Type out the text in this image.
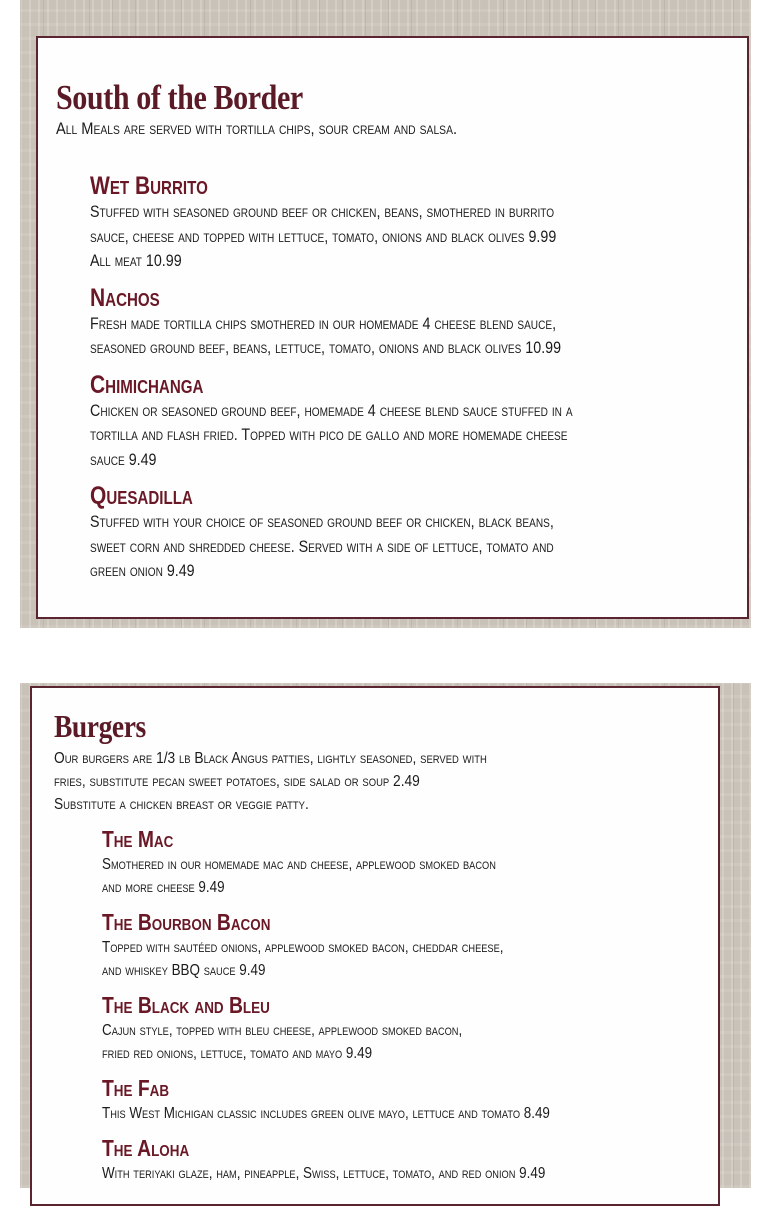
South of the Border

All Meals are served with tortilla chips, sour cream and salsa.

Wet Burrito

Stuffed with seasoned ground beef or chicken, beans, smothered in burrito
sauce, cheese and topped with lettuce, tomato, onions and black olives 9.99
All meat 10.99

Nachos

Fresh made tortilla chips smothered in our homemade 4 cheese blend sauce,
seasoned ground beef, beans, lettuce, tomato, onions and black olives 10.99

Chimichanga

Chicken or seasoned ground beef, homemade 4 cheese blend sauce stuffed in a
tortilla and flash fried. Topped with pico de gallo and more homemade cheese
sauce 9.49

Quesadilla

Stuffed with your choice of seasoned ground beef or chicken, black beans,
sweet corn and shredded cheese. Served with a side of lettuce, tomato and
green onion 9.49

Burgers

Our burgers are 1/3 lb Black Angus patties, lightly seasoned, served with
fries, substitute pecan sweet potatoes, side salad or soup 2.49
Substitute a chicken breast or veggie patty.

The Mac

Smothered in our homemade mac and cheese, applewood smoked bacon
and more cheese 9.49

The Bourbon Bacon

Topped with sautéed onions, applewood smoked bacon, cheddar cheese,
and whiskey BBQ sauce 9.49

The Black and Bleu

Cajun style, topped with bleu cheese, applewood smoked bacon,
fried red onions, lettuce, tomato and mayo 9.49

The Fab

This West Michigan classic includes green olive mayo, lettuce and tomato 8.49

The Aloha

With teriyaki glaze, ham, pineapple, Swiss, lettuce, tomato, and red onion 9.49
